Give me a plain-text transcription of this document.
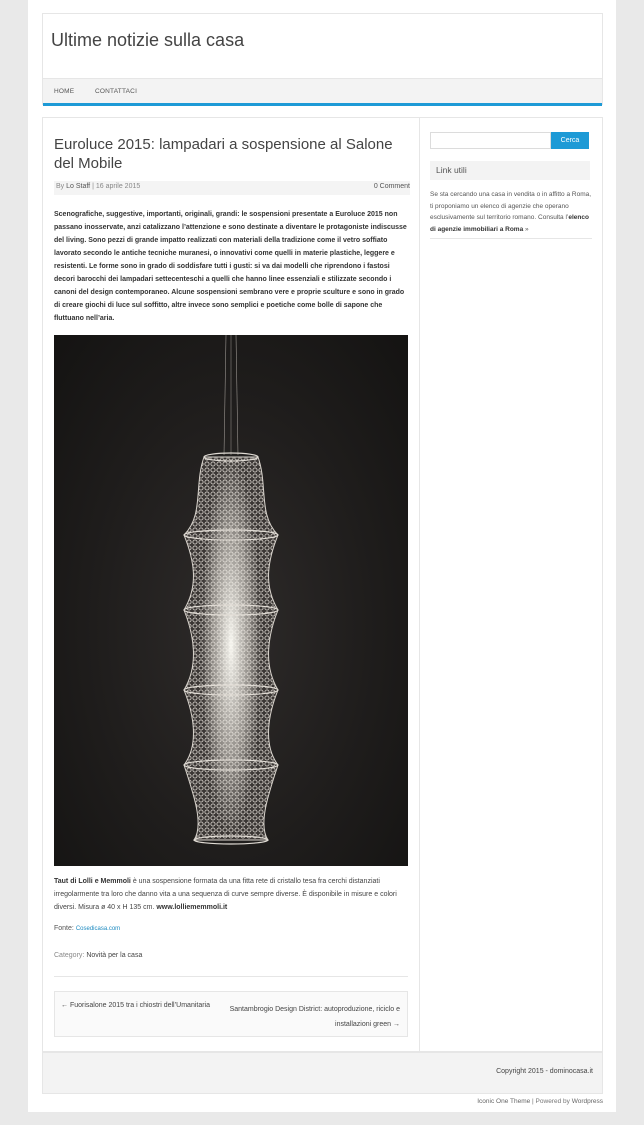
Ultime notizie sulla casa
HOME	CONTATTACI
Euroluce 2015: lampadari a sospensione al Salone del Mobile
By Lo Staff | 16 aprile 2015	0 Comment
Scenografiche, suggestive, importanti, originali, grandi: le sospensioni presentate a Euroluce 2015 non passano inosservate, anzi catalizzano l’attenzione e sono destinate a diventare le protagoniste indiscusse del living. Sono pezzi di grande impatto realizzati con materiali della tradizione come il vetro soffiato lavorato secondo le antiche tecniche muranesi, o innovativi come quelli in materie plastiche, leggere e resistenti. Le forme sono in grado di soddisfare tutti i gusti: si va dai modelli che riprendono i fastosi decori barocchi dei lampadari settecenteschi a quelli che hanno linee essenziali e stilizzate secondo i canoni del design contemporaneo. Alcune sospensioni sembrano vere e proprie sculture e sono in grado di creare giochi di luce sul soffitto, altre invece sono semplici e poetiche come bolle di sapone che fluttuano nell’aria.
Taut di Lolli e Memmoli è una sospensione formata da una fitta rete di cristallo tesa fra cerchi distanziati irregolarmente tra loro che danno vita a una sequenza di curve sempre diverse. È disponibile in misure e colori diversi. Misura ø 40 x H 135 cm. www.lolliememmoli.it
Fonte: Cosedicasa.com
Category: Novità per la casa
← Fuorisalone 2015 tra i chiostri dell’Umanitaria
Santambrogio Design District: autoproduzione, riciclo e installazioni green →
Cerca
Link utili
Se sta cercando una casa in vendita o in affitto a Roma, ti proponiamo un elenco di agenzie che operano esclusivamente sul territorio romano. Consulta l’elenco di agenzie immobiliari a Roma »
Copyright 2015 - dominocasa.it
Iconic One Theme | Powered by Wordpress
